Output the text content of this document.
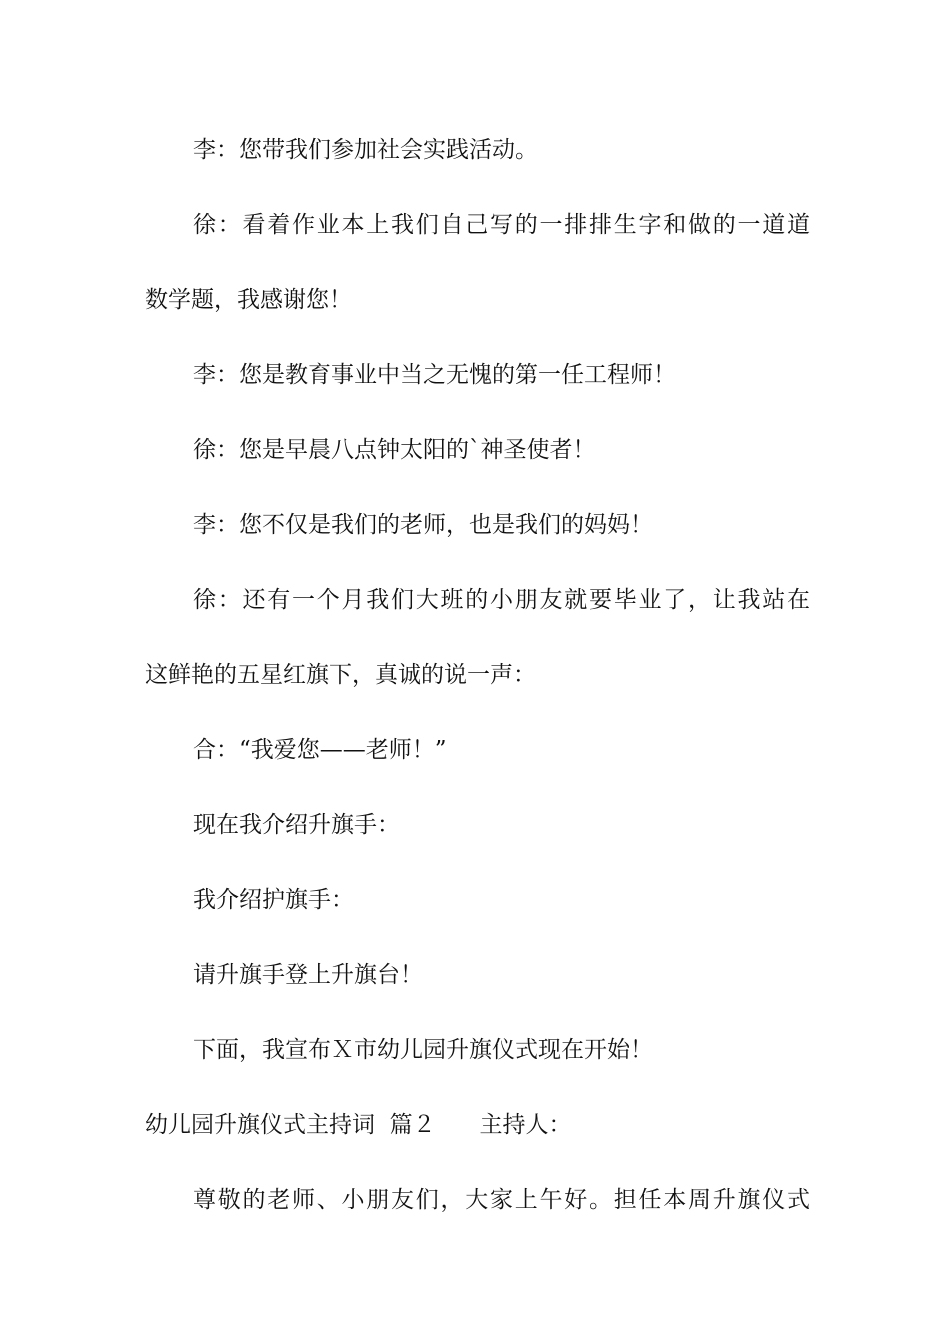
李：您带我们参加社会实践活动。

徐：看着作业本上我们自己写的一排排生字和做的一道道

数学题，我感谢您！

李：您是教育事业中当之无愧的第一任工程师！

徐：您是早晨八点钟太阳的`神圣使者！

李：您不仅是我们的老师，也是我们的妈妈！

徐：还有一个月我们大班的小朋友就要毕业了，让我站在

这鲜艳的五星红旗下，真诚的说一声：

合：“我爱您——老师！”

现在我介绍升旗手：

我介绍护旗手：

请升旗手登上升旗台！

下面，我宣布Ｘ市幼儿园升旗仪式现在开始！

幼儿园升旗仪式主持词  篇２      主持人：

尊敬的老师、小朋友们，大家上午好。担任本周升旗仪式
